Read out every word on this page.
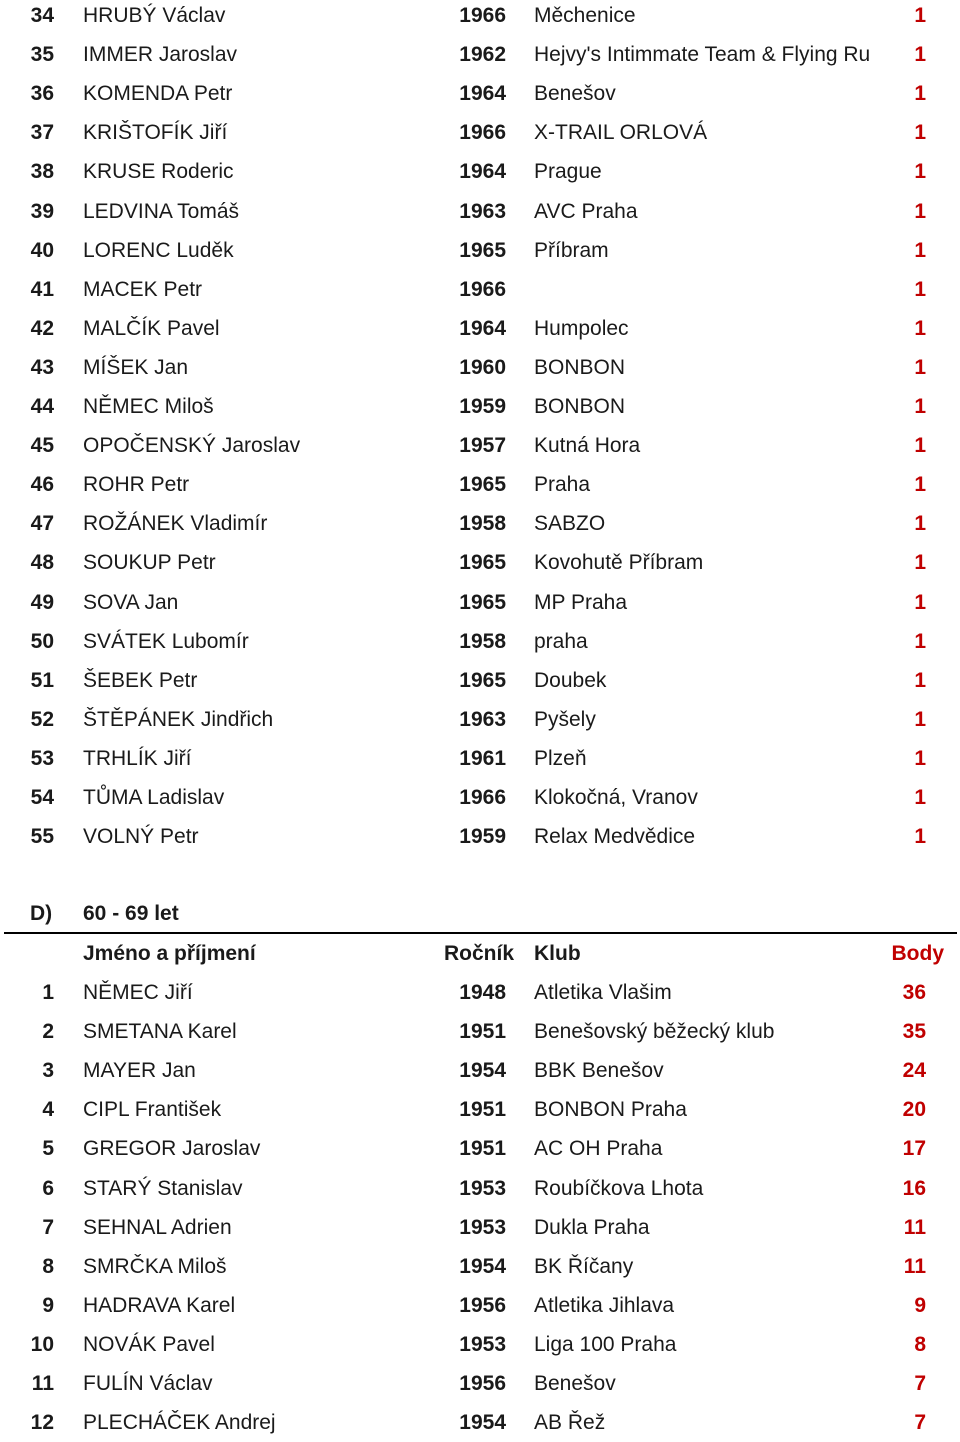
34 HRUBÝ Václav	1966 Měchenice	1
35 IMMER Jaroslav	1962 Hejvy's Intimmate Team & Flying Ru	1
36 KOMENDA Petr	1964 Benešov	1
37 KRIŠTOFÍK Jiří	1966 X-TRAIL ORLOVÁ	1
38 KRUSE Roderic	1964 Prague	1
39 LEDVINA Tomáš	1963 AVC Praha	1
40 LORENC Luděk	1965 Příbram	1
41 MACEK Petr	1966	1
42 MALČÍK Pavel	1964 Humpolec	1
43 MÍŠEK Jan	1960 BONBON	1
44 NĚMEC Miloš	1959 BONBON	1
45 OPOČENSKÝ Jaroslav	1957 Kutná Hora	1
46 ROHR Petr	1965 Praha	1
47 ROŽÁNEK Vladimír	1958 SABZO	1
48 SOUKUP Petr	1965 Kovohutě Příbram	1
49 SOVA Jan	1965 MP Praha	1
50 SVÁTEK Lubomír	1958 praha	1
51 ŠEBEK Petr	1965 Doubek	1
52 ŠTĚPÁNEK Jindřich	1963 Pyšely	1
53 TRHLÍK Jiří	1961 Plzeň	1
54 TŮMA Ladislav	1966 Klokočná, Vranov	1
55 VOLNÝ Petr	1959 Relax Medvědice	1
D) 60 - 69 let
Jméno a příjmení	Ročník Klub	Body
1 NĚMEC Jiří	1948 Atletika Vlašim	36
2 SMETANA Karel	1951 Benešovský běžecký klub	35
3 MAYER Jan	1954 BBK Benešov	24
4 CIPL František	1951 BONBON Praha	20
5 GREGOR Jaroslav	1951 AC OH Praha	17
6 STARÝ Stanislav	1953 Roubíčkova Lhota	16
7 SEHNAL Adrien	1953 Dukla Praha	11
8 SMRČKA Miloš	1954 BK Říčany	11
9 HADRAVA Karel	1956 Atletika Jihlava	9
10 NOVÁK Pavel	1953 Liga 100 Praha	8
11 FULÍN Václav	1956 Benešov	7
12 PLECHÁČEK Andrej	1954 AB Řež	7
